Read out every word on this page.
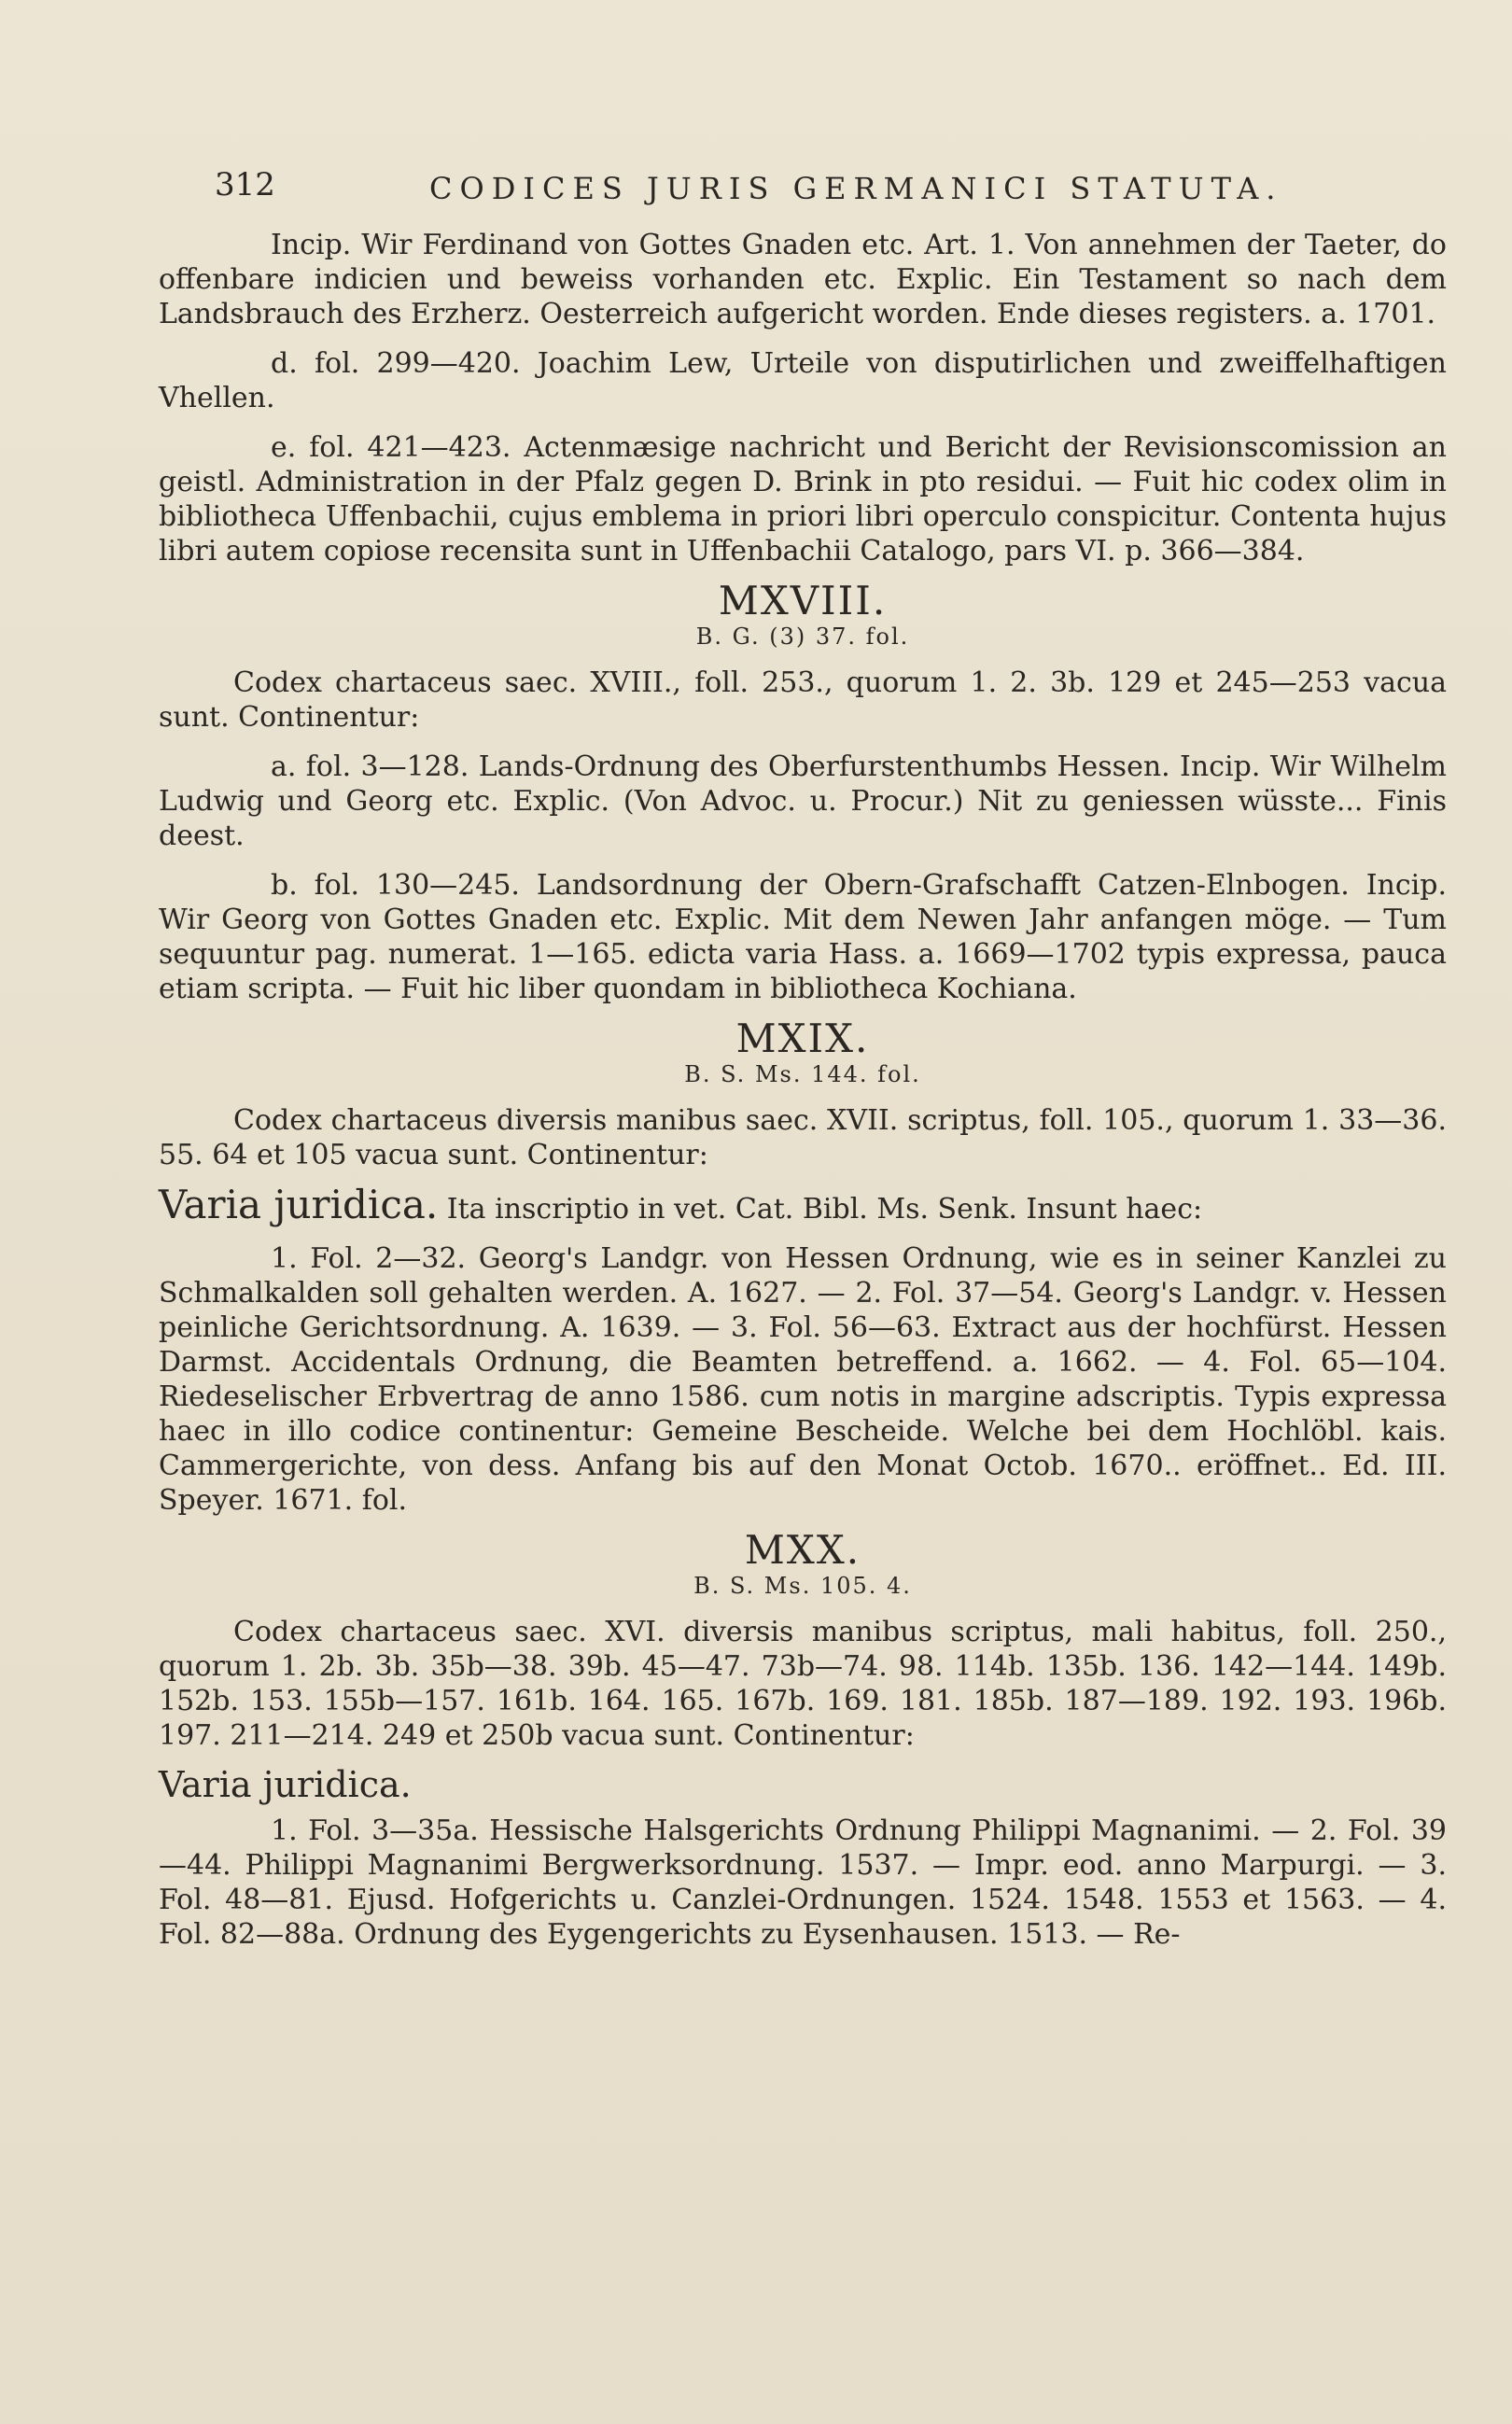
312	CODICES JURIS GERMANICI STATUTA.

Incip. Wir Ferdinand von Gottes Gnaden etc. Art. 1. Von annehmen der Taeter, do offenbare indicien und beweiss vorhanden etc. Explic. Ein Testament so nach dem Landsbrauch des Erzherz. Oesterreich aufgericht worden. Ende dieses registers. a. 1701.

d. fol. 299—420. Joachim Lew, Urteile von disputirlichen und zweiffelhaftigen Vhellen.

e. fol. 421—423. Actenmæsige nachricht und Bericht der Revisionscomission an geistl. Administration in der Pfalz gegen D. Brink in pto residui. — Fuit hic codex olim in bibliotheca Uffenbachii, cujus emblema in priori libri operculo conspicitur. Contenta hujus libri autem copiose recensita sunt in Uffenbachii Catalogo, pars VI. p. 366—384.

MXVIII.
B. G. (3) 37. fol.

Codex chartaceus saec. XVIII., foll. 253., quorum 1. 2. 3b. 129 et 245—253 vacua sunt. Continentur:

a. fol. 3—128. Lands-Ordnung des Oberfurstenthumbs Hessen. Incip. Wir Wilhelm Ludwig und Georg etc. Explic. (Von Advoc. u. Procur.) Nit zu geniessen wüsste... Finis deest.

b. fol. 130—245. Landsordnung der Obern-Grafschafft Catzen-Elnbogen. Incip. Wir Georg von Gottes Gnaden etc. Explic. Mit dem Newen Jahr anfangen möge. — Tum sequuntur pag. numerat. 1—165. edicta varia Hass. a. 1669—1702 typis expressa, pauca etiam scripta. — Fuit hic liber quondam in bibliotheca Kochiana.

MXIX.
B. S. Ms. 144. fol.

Codex chartaceus diversis manibus saec. XVII. scriptus, foll. 105., quorum 1. 33—36. 55. 64 et 105 vacua sunt. Continentur:

Varia juridica. Ita inscriptio in vet. Cat. Bibl. Ms. Senk. Insunt haec:

1. Fol. 2—32. Georg's Landgr. von Hessen Ordnung, wie es in seiner Kanzlei zu Schmalkalden soll gehalten werden. A. 1627. — 2. Fol. 37—54. Georg's Landgr. v. Hessen peinliche Gerichtsordnung. A. 1639. — 3. Fol. 56—63. Extract aus der hochfürst. Hessen Darmst. Accidentals Ordnung, die Beamten betreffend. a. 1662. — 4. Fol. 65—104. Riedeselischer Erbvertrag de anno 1586. cum notis in margine adscriptis. Typis expressa haec in illo codice continentur: Gemeine Bescheide. Welche bei dem Hochlöbl. kais. Cammergerichte, von dess. Anfang bis auf den Monat Octob. 1670.. eröffnet.. Ed. III. Speyer. 1671. fol.

MXX.
B. S. Ms. 105. 4.

Codex chartaceus saec. XVI. diversis manibus scriptus, mali habitus, foll. 250., quorum 1. 2b. 3b. 35b—38. 39b. 45—47. 73b—74. 98. 114b. 135b. 136. 142—144. 149b. 152b. 153. 155b—157. 161b. 164. 165. 167b. 169. 181. 185b. 187—189. 192. 193. 196b. 197. 211—214. 249 et 250b vacua sunt. Continentur:

Varia juridica.

1. Fol. 3—35a. Hessische Halsgerichts Ordnung Philippi Magnanimi. — 2. Fol. 39—44. Philippi Magnanimi Bergwerksordnung. 1537. — Impr. eod. anno Marpurgi. — 3. Fol. 48—81. Ejusd. Hofgerichts u. Canzlei-Ordnungen. 1524. 1548. 1553 et 1563. — 4. Fol. 82—88a. Ordnung des Eygengerichts zu Eysenhausen. 1513. — Re-
